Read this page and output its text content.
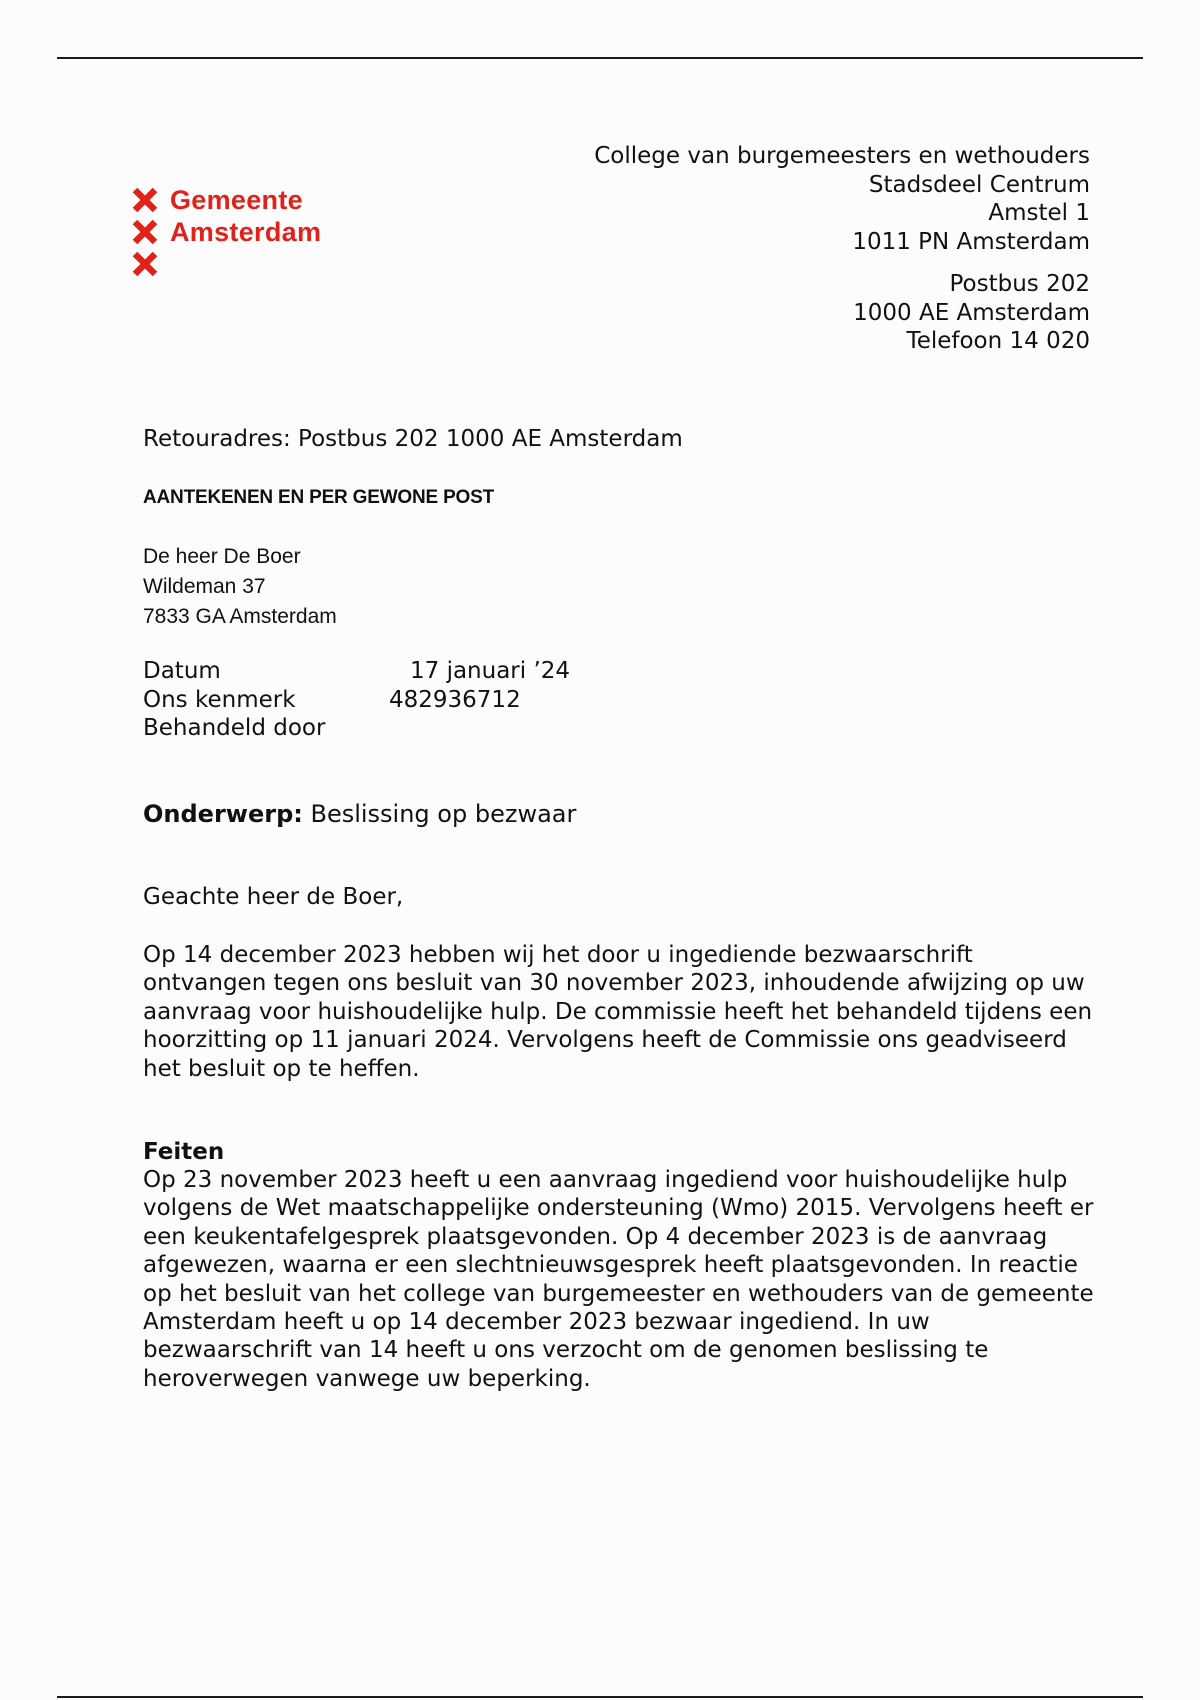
Gemeente
Amsterdam
College van burgemeesters en wethouders
Stadsdeel Centrum
Amstel 1
1011 PN Amsterdam
Postbus 202
1000 AE Amsterdam
Telefoon 14 020
Retouradres: Postbus 202 1000 AE Amsterdam
AANTEKENEN EN PER GEWONE POST
De heer De Boer
Wildeman 37
7833 GA Amsterdam
Datum	17 januari ’24
Ons kenmerk	482936712
Behandeld door
Onderwerp: Beslissing op bezwaar
Geachte heer de Boer,
Op 14 december 2023 hebben wij het door u ingediende bezwaarschrift ontvangen tegen ons besluit van 30 november 2023, inhoudende afwijzing op uw aanvraag voor huishoudelijke hulp. De commissie heeft het behandeld tijdens een hoorzitting op 11 januari 2024. Vervolgens heeft de Commissie ons geadviseerd het besluit op te heffen.
Feiten
Op 23 november 2023 heeft u een aanvraag ingediend voor huishoudelijke hulp volgens de Wet maatschappelijke ondersteuning (Wmo) 2015. Vervolgens heeft er een keukentafelgesprek plaatsgevonden. Op 4 december 2023 is de aanvraag afgewezen, waarna er een slechtnieuwsgesprek heeft plaatsgevonden. In reactie op het besluit van het college van burgemeester en wethouders van de gemeente Amsterdam heeft u op 14 december 2023 bezwaar ingediend. In uw bezwaarschrift van 14 heeft u ons verzocht om de genomen beslissing te heroverwegen vanwege uw beperking.
